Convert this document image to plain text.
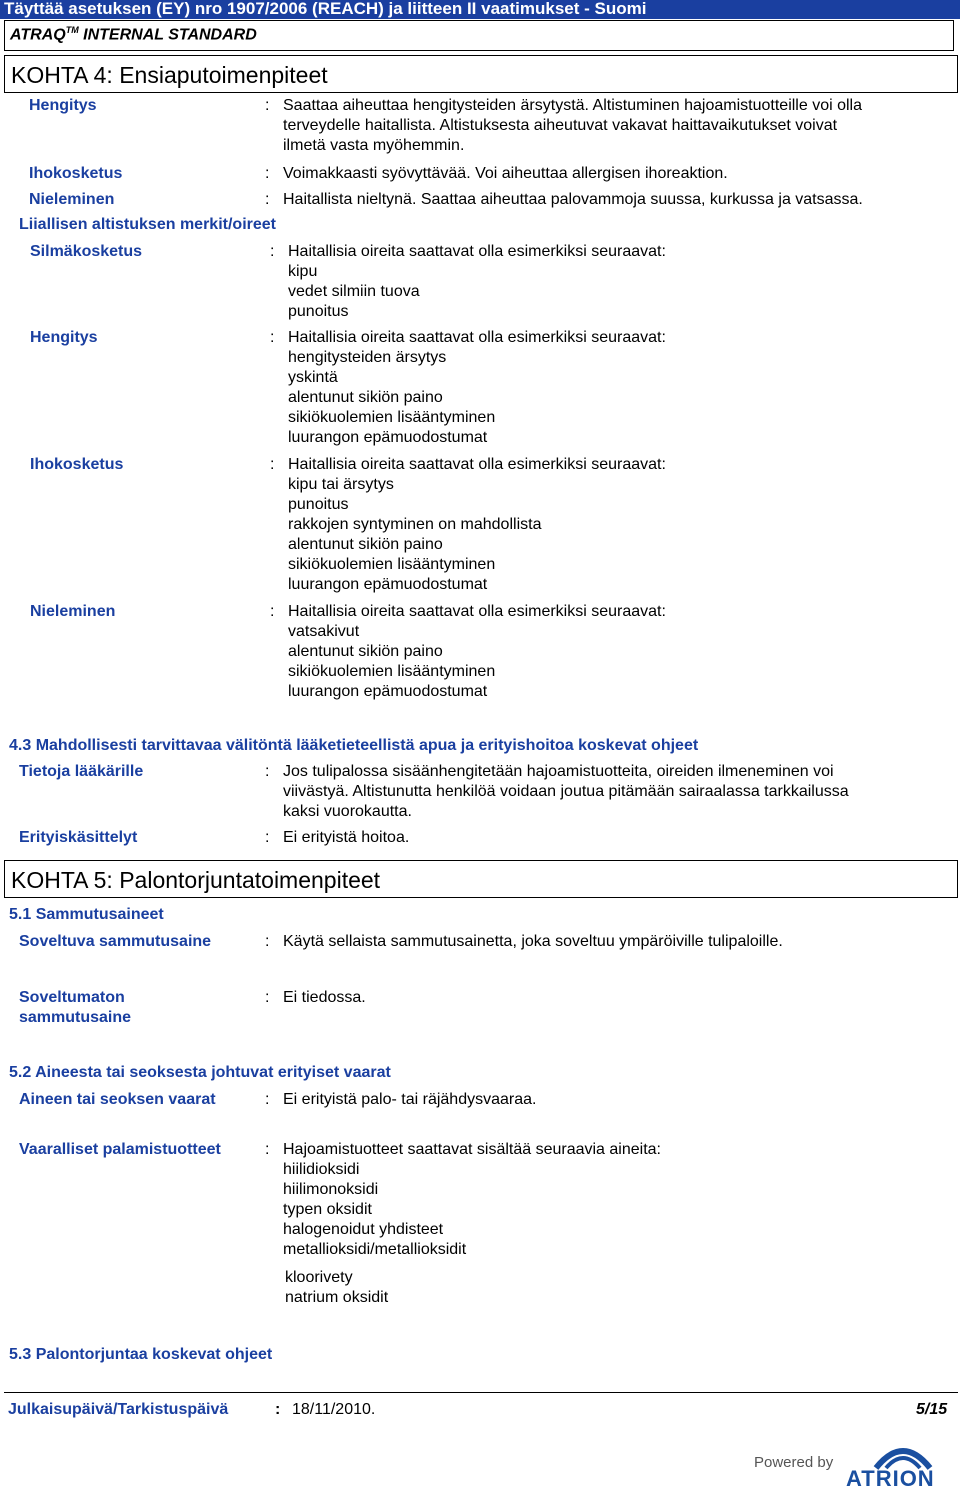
Täyttää asetuksen (EY) nro 1907/2006 (REACH) ja liitteen II vaatimukset - Suomi
ATRAQ™ INTERNAL STANDARD
KOHTA 4: Ensiaputoimenpiteet
Hengitys	: Saattaa aiheuttaa hengitysteiden ärsytystä. Altistuminen hajoamistuotteille voi olla
terveydelle haitallista. Altistuksesta aiheutuvat vakavat haittavaikutukset voivat
ilmetä vasta myöhemmin.
Ihokosketus	: Voimakkaasti syövyttävää. Voi aiheuttaa allergisen ihoreaktion.
Nieleminen	: Haitallista nieltynä. Saattaa aiheuttaa palovammoja suussa, kurkussa ja vatsassa.
Liiallisen altistuksen merkit/oireet
Silmäkosketus	: Haitallisia oireita saattavat olla esimerkiksi seuraavat:
kipu
vedet silmiin tuova
punoitus
Hengitys	: Haitallisia oireita saattavat olla esimerkiksi seuraavat:
hengitysteiden ärsytys
yskintä
alentunut sikiön paino
sikiökuolemien lisääntyminen
luurangon epämuodostumat
Ihokosketus	: Haitallisia oireita saattavat olla esimerkiksi seuraavat:
kipu tai ärsytys
punoitus
rakkojen syntyminen on mahdollista
alentunut sikiön paino
sikiökuolemien lisääntyminen
luurangon epämuodostumat
Nieleminen	: Haitallisia oireita saattavat olla esimerkiksi seuraavat:
vatsakivut
alentunut sikiön paino
sikiökuolemien lisääntyminen
luurangon epämuodostumat
4.3 Mahdollisesti tarvittavaa välitöntä lääketieteellistä apua ja erityishoitoa koskevat ohjeet
Tietoja lääkärille	: Jos tulipalossa sisäänhengitetään hajoamistuotteita, oireiden ilmeneminen voi
viivästyä. Altistunutta henkilöä voidaan joutua pitämään sairaalassa tarkkailussa
kaksi vuorokautta.
Erityiskäsittelyt	: Ei erityistä hoitoa.
KOHTA 5: Palontorjuntatoimenpiteet
5.1 Sammutusaineet
Soveltuva sammutusaine	: Käytä sellaista sammutusainetta, joka soveltuu ympäröiville tulipaloille.
Soveltumaton
sammutusaine
: Ei tiedossa.
5.2 Aineesta tai seoksesta johtuvat erityiset vaarat
Aineen tai seoksen vaarat	: Ei erityistä palo- tai räjähdysvaaraa.
Vaaralliset palamistuotteet	: Hajoamistuotteet saattavat sisältää seuraavia aineita:
hiilidioksidi
hiilimonoksidi
typen oksidit
halogenoidut yhdisteet
metallioksidi/metallioksidit
kloorivety
natrium oksidit
5.3 Palontorjuntaa koskevat ohjeet
Julkaisupäivä/Tarkistuspäivä	: 18/11/2010.	5/15
Powered by
ATRION
